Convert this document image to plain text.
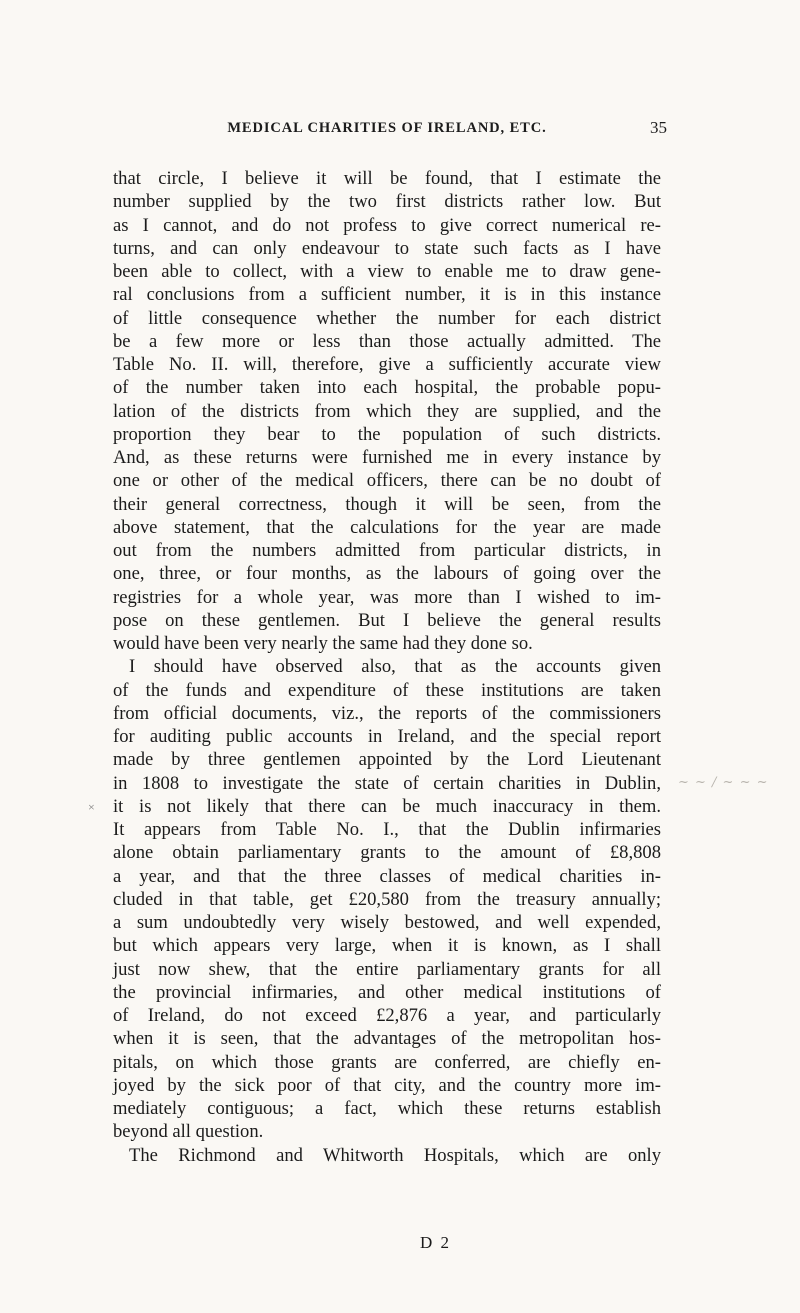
MEDICAL CHARITIES OF IRELAND, ETC.	35
that circle, I believe it will be found, that I estimate the
number supplied by the two first districts rather low. But
as I cannot, and do not profess to give correct numerical re-
turns, and can only endeavour to state such facts as I have
been able to collect, with a view to enable me to draw gene-
ral conclusions from a sufficient number, it is in this instance
of little consequence whether the number for each district
be a few more or less than those actually admitted. The
Table No. II. will, therefore, give a sufficiently accurate view
of the number taken into each hospital, the probable popu-
lation of the districts from which they are supplied, and the
proportion they bear to the population of such districts.
And, as these returns were furnished me in every instance by
one or other of the medical officers, there can be no doubt of
their general correctness, though it will be seen, from the
above statement, that the calculations for the year are made
out from the numbers admitted from particular districts, in
one, three, or four months, as the labours of going over the
registries for a whole year, was more than I wished to im-
pose on these gentlemen. But I believe the general results
would have been very nearly the same had they done so.
I should have observed also, that as the accounts given
of the funds and expenditure of these institutions are taken
from official documents, viz., the reports of the commissioners
for auditing public accounts in Ireland, and the special report
made by three gentlemen appointed by the Lord Lieutenant
in 1808 to investigate the state of certain charities in Dublin,
it is not likely that there can be much inaccuracy in them.
It appears from Table No. I., that the Dublin infirmaries
alone obtain parliamentary grants to the amount of £8,808
a year, and that the three classes of medical charities in-
cluded in that table, get £20,580 from the treasury annually;
a sum undoubtedly very wisely bestowed, and well expended,
but which appears very large, when it is known, as I shall
just now shew, that the entire parliamentary grants for all
the provincial infirmaries, and other medical institutions of
of Ireland, do not exceed £2,876 a year, and particularly
when it is seen, that the advantages of the metropolitan hos-
pitals, on which those grants are conferred, are chiefly en-
joyed by the sick poor of that city, and the country more im-
mediately contiguous; a fact, which these returns establish
beyond all question.
The Richmond and Whitworth Hospitals, which are only
D 2
×
~ ~ / ~ ~ ~
